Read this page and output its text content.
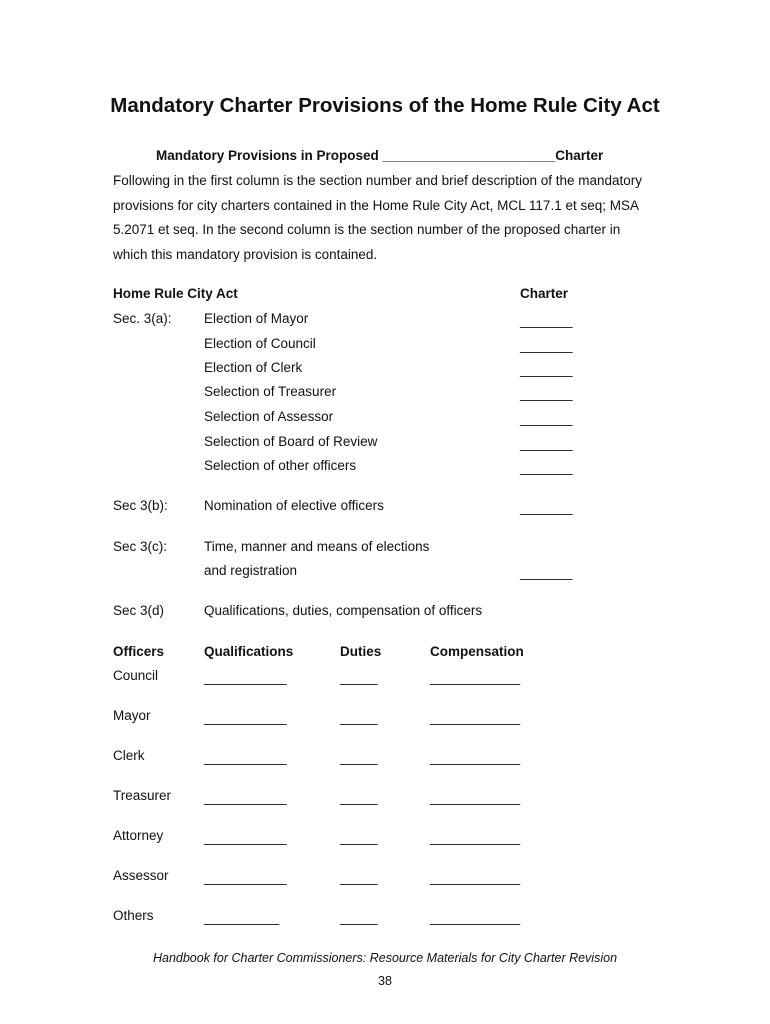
Mandatory Charter Provisions of the Home Rule City Act
Mandatory Provisions in Proposed _______________________Charter
Following in the first column is the section number and brief description of the mandatory
provisions for city charters contained in the Home Rule City Act, MCL 117.1 et seq; MSA
5.2071 et seq. In the second column is the section number of the proposed charter in
which this mandatory provision is contained.
Home Rule City Act	Charter
Sec. 3(a): Election of Mayor	_______
Election of Council	_______
Election of Clerk	_______
Selection of Treasurer	_______
Selection of Assessor	_______
Selection of Board of Review	_______
Selection of other officers	_______
Sec 3(b):	Nomination of elective officers	_______
Sec 3(c):	Time, manner and means of elections
and registration	_______
Sec 3(d)	Qualifications, duties, compensation of officers
Officers	Qualifications	Duties	Compensation
Council	___________	_____	____________
Mayor	___________	_____	____________
Clerk	___________	_____	____________
Treasurer ___________	_____	____________
Attorney	___________	_____	____________
Assessor	___________	_____	____________
Others	__________	_____	____________
Handbook for Charter Commissioners: Resource Materials for City Charter Revision
38
